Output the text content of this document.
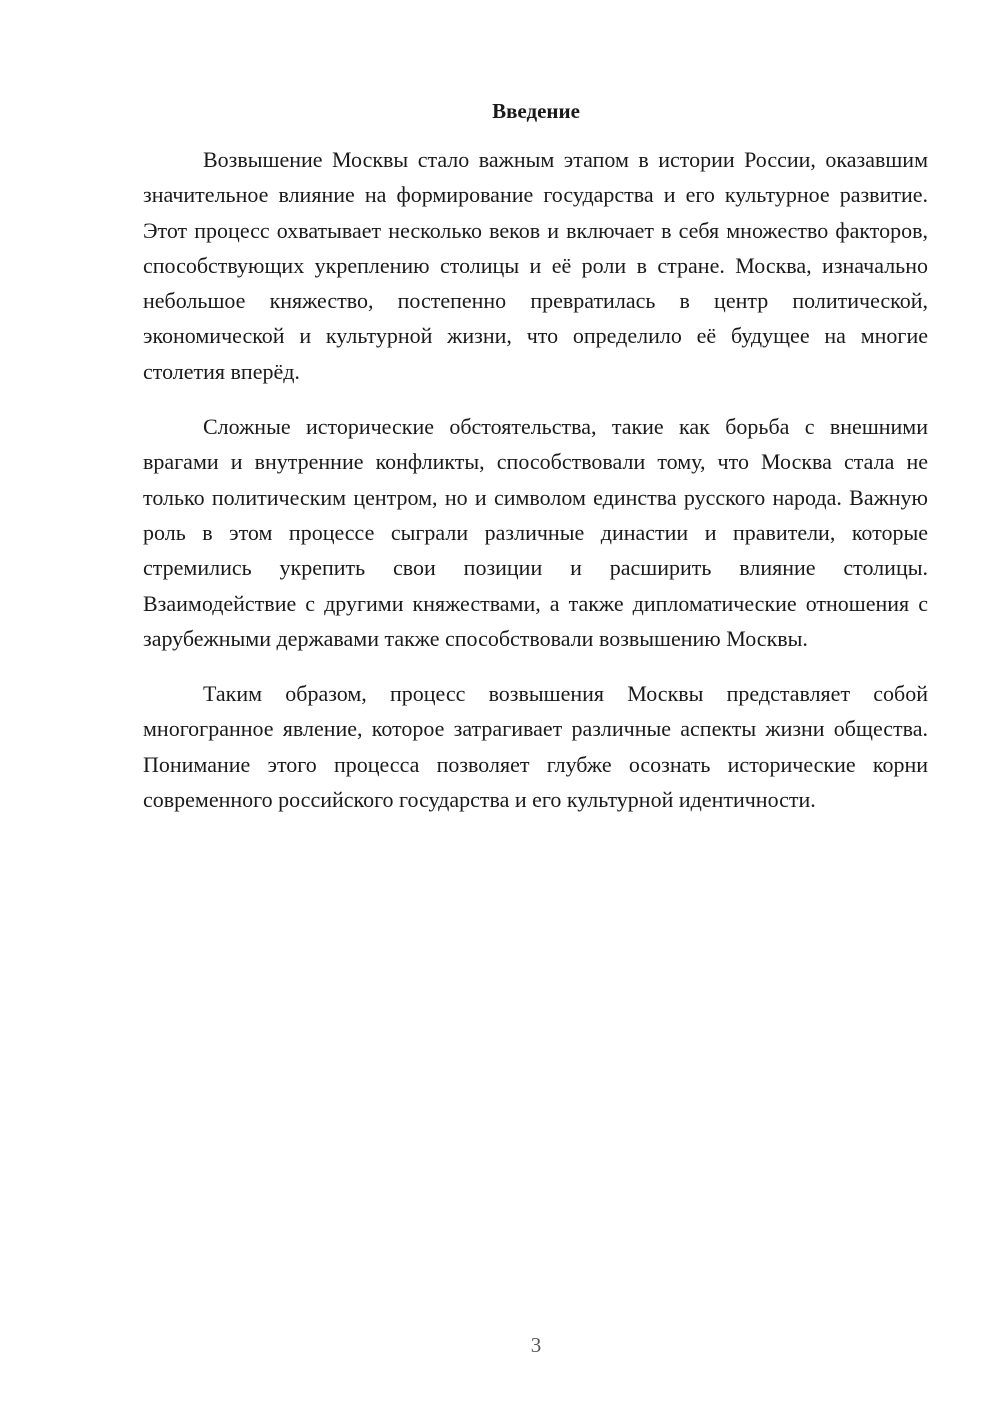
Введение

Возвышение Москвы стало важным этапом в истории России, оказавшим значительное влияние на формирование государства и его культурное развитие. Этот процесс охватывает несколько веков и включает в себя множество факторов, способствующих укреплению столицы и её роли в стране. Москва, изначально небольшое княжество, постепенно превратилась в центр политической, экономической и культурной жизни, что определило её будущее на многие столетия вперёд.

Сложные исторические обстоятельства, такие как борьба с внешними врагами и внутренние конфликты, способствовали тому, что Москва стала не только политическим центром, но и символом единства русского народа. Важную роль в этом процессе сыграли различные династии и правители, которые стремились укрепить свои позиции и расширить влияние столицы. Взаимодействие с другими княжествами, а также дипломатические отношения с зарубежными державами также способствовали возвышению Москвы.

Таким образом, процесс возвышения Москвы представляет собой многогранное явление, которое затрагивает различные аспекты жизни общества. Понимание этого процесса позволяет глубже осознать исторические корни современного российского государства и его культурной идентичности.

3
